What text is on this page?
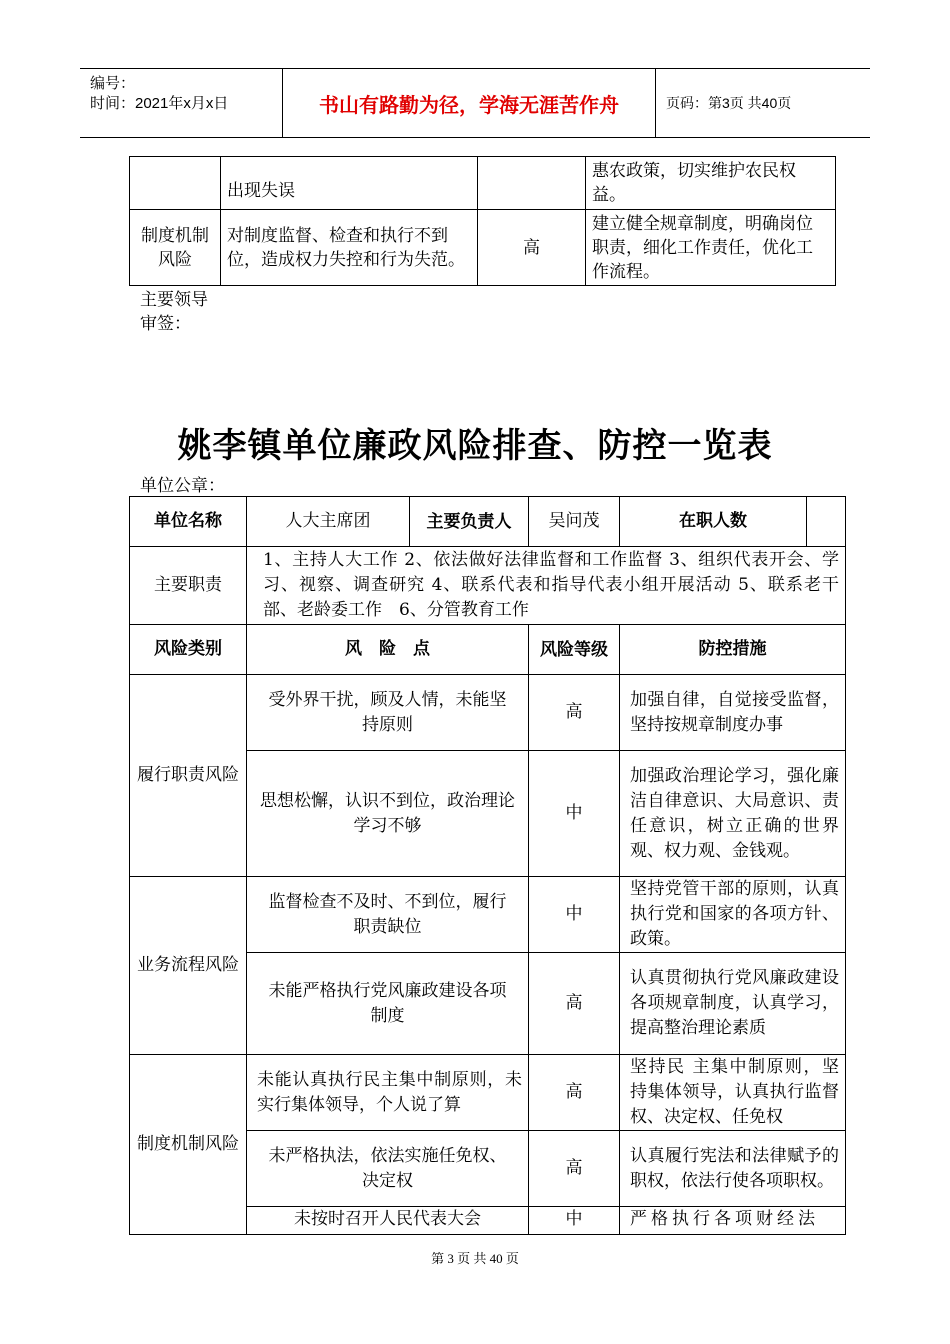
编号：
时间：2021年x月x日	书山有路勤为径，学海无涯苦作舟	页码：第3页 共40页
	出现失误		惠农政策，切实维护农民权益。
制度机制风险	对制度监督、检查和执行不到位，造成权力失控和行为失范。	高	建立健全规章制度，明确岗位职责，细化工作责任，优化工作流程。
主要领导审签：
姚李镇单位廉政风险排查、防控一览表
单位公章：
单位名称	人大主席团	主要负责人	吴问茂	在职人数	
主要职责	1、主持人大工作 2、依法做好法律监督和工作监督 3、组织代表开会、学习、视察、调查研究 4、联系代表和指导代表小组开展活动 5、联系老干部、老龄委工作　6、分管教育工作				
风险类别	风　险　点		风险等级	防控措施	
履行职责风险	受外界干扰，顾及人情，未能坚持原则		高	加强自律，自觉接受监督，坚持按规章制度办事	
	思想松懈，认识不到位，政治理论学习不够		中	加强政治理论学习，强化廉洁自律意识、大局意识、责任意识，树立正确的世界观、权力观、金钱观。	
业务流程风险	监督检查不及时、不到位，履行职责缺位		中	坚持党管干部的原则，认真执行党和国家的各项方针、政策。	
	未能严格执行党风廉政建设各项制度		高	认真贯彻执行党风廉政建设各项规章制度，认真学习，提高整治理论素质	
制度机制风险	未能认真执行民主集中制原则，未实行集体领导，个人说了算		高	坚持民 主集中制原则，坚持集体领导，认真执行监督权、决定权、任免权	
	未严格执法，依法实施任免权、决定权		高	认真履行宪法和法律赋予的职权，依法行使各项职权。	
	未按时召开人民代表大会		中	严格执行各项财经法	
第 3 页 共 40 页
